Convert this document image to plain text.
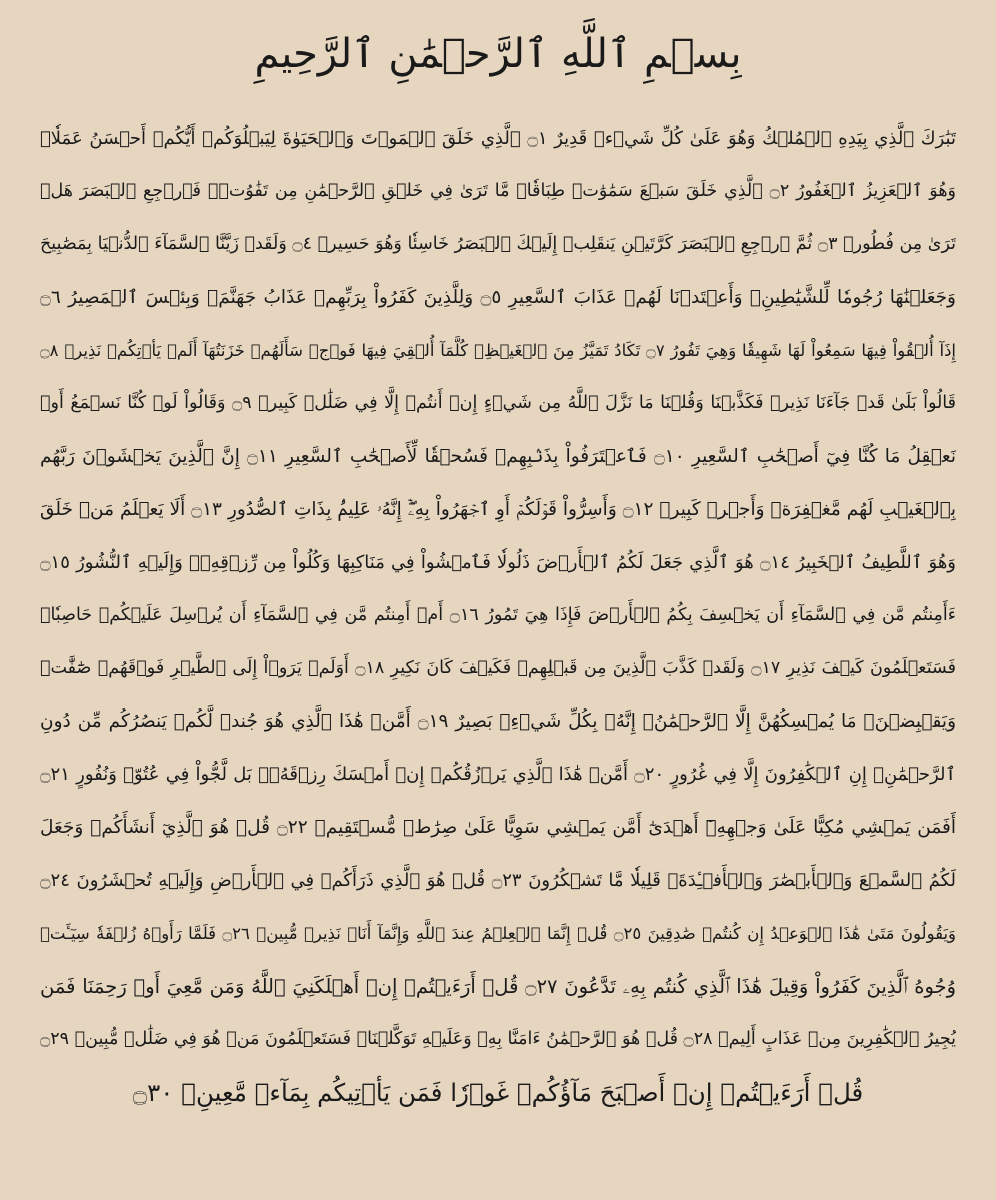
بِسۡمِ ٱللَّهِ ٱلرَّحۡمَٰنِ ٱلرَّحِيمِ
تَبَٰرَكَ ٱلَّذِي بِيَدِهِ ٱلۡمُلۡكُ وَهُوَ عَلَىٰ كُلِّ شَيۡءٖ قَدِيرٌ ۝١ ٱلَّذِي خَلَقَ ٱلۡمَوۡتَ وَٱلۡحَيَوٰةَ لِيَبۡلُوَكُمۡ أَيُّكُمۡ أَحۡسَنُ عَمَلٗاۚ
وَهُوَ ٱلۡعَزِيزُ ٱلۡغَفُورُ ۝٢ ٱلَّذِي خَلَقَ سَبۡعَ سَمَٰوَٰتٖ طِبَاقٗاۖ مَّا تَرَىٰ فِي خَلۡقِ ٱلرَّحۡمَٰنِ مِن تَفَٰوُتٖۖ فَٱرۡجِعِ ٱلۡبَصَرَ هَلۡ
تَرَىٰ مِن فُطُورٖ ۝٣ ثُمَّ ٱرۡجِعِ ٱلۡبَصَرَ كَرَّتَيۡنِ يَنقَلِبۡ إِلَيۡكَ ٱلۡبَصَرُ خَاسِئٗا وَهُوَ حَسِيرٞ ۝٤ وَلَقَدۡ زَيَّنَّا ٱلسَّمَآءَ ٱلدُّنۡيَا بِمَصَٰبِيحَ
وَجَعَلۡنَٰهَا رُجُومٗا لِّلشَّيَٰطِينِۖ وَأَعۡتَدۡنَا لَهُمۡ عَذَابَ ٱلسَّعِيرِ ۝٥ وَلِلَّذِينَ كَفَرُواْ بِرَبِّهِمۡ عَذَابُ جَهَنَّمَۖ وَبِئۡسَ ٱلۡمَصِيرُ ۝٦
إِذَآ أُلۡقُواْ فِيهَا سَمِعُواْ لَهَا شَهِيقٗا وَهِيَ تَفُورُ ۝٧ تَكَادُ تَمَيَّزُ مِنَ ٱلۡغَيۡظِۖ كُلَّمَآ أُلۡقِيَ فِيهَا فَوۡجٞ سَأَلَهُمۡ خَزَنَتُهَآ أَلَمۡ يَأۡتِكُمۡ نَذِيرٞ ۝٨
قَالُواْ بَلَىٰ قَدۡ جَآءَنَا نَذِيرٞ فَكَذَّبۡنَا وَقُلۡنَا مَا نَزَّلَ ٱللَّهُ مِن شَيۡءٍ إِنۡ أَنتُمۡ إِلَّا فِي ضَلَٰلٖ كَبِيرٖ ۝٩ وَقَالُواْ لَوۡ كُنَّا نَسۡمَعُ أَوۡ
نَعۡقِلُ مَا كُنَّا فِيٓ أَصۡحَٰبِ ٱلسَّعِيرِ ۝١٠ فَٱعۡتَرَفُواْ بِذَنۢبِهِمۡ فَسُحۡقٗا لِّأَصۡحَٰبِ ٱلسَّعِيرِ ۝١١ إِنَّ ٱلَّذِينَ يَخۡشَوۡنَ رَبَّهُم
بِٱلۡغَيۡبِ لَهُم مَّغۡفِرَةٞ وَأَجۡرٞ كَبِيرٞ ۝١٢ وَأَسِرُّواْ قَوۡلَكُمۡ أَوِ ٱجۡهَرُواْ بِهِۦٓۖ إِنَّهُۥ عَلِيمُۢ بِذَاتِ ٱلصُّدُورِ ۝١٣ أَلَا يَعۡلَمُ مَنۡ خَلَقَ
وَهُوَ ٱللَّطِيفُ ٱلۡخَبِيرُ ۝١٤ هُوَ ٱلَّذِي جَعَلَ لَكُمُ ٱلۡأَرۡضَ ذَلُولٗا فَٱمۡشُواْ فِي مَنَاكِبِهَا وَكُلُواْ مِن رِّزۡقِهِۦۖ وَإِلَيۡهِ ٱلنُّشُورُ ۝١٥
ءَأَمِنتُم مَّن فِي ٱلسَّمَآءِ أَن يَخۡسِفَ بِكُمُ ٱلۡأَرۡضَ فَإِذَا هِيَ تَمُورُ ۝١٦ أَمۡ أَمِنتُم مَّن فِي ٱلسَّمَآءِ أَن يُرۡسِلَ عَلَيۡكُمۡ حَاصِبٗاۖ
فَسَتَعۡلَمُونَ كَيۡفَ نَذِيرِ ۝١٧ وَلَقَدۡ كَذَّبَ ٱلَّذِينَ مِن قَبۡلِهِمۡ فَكَيۡفَ كَانَ نَكِيرِ ۝١٨ أَوَلَمۡ يَرَوۡاْ إِلَى ٱلطَّيۡرِ فَوۡقَهُمۡ صَٰٓفَّٰتٖ
وَيَقۡبِضۡنَۚ مَا يُمۡسِكُهُنَّ إِلَّا ٱلرَّحۡمَٰنُۚ إِنَّهُۥ بِكُلِّ شَيۡءِۭ بَصِيرٌ ۝١٩ أَمَّنۡ هَٰذَا ٱلَّذِي هُوَ جُندٞ لَّكُمۡ يَنصُرُكُم مِّن دُونِ
ٱلرَّحۡمَٰنِۚ إِنِ ٱلۡكَٰفِرُونَ إِلَّا فِي غُرُورٍ ۝٢٠ أَمَّنۡ هَٰذَا ٱلَّذِي يَرۡزُقُكُمۡ إِنۡ أَمۡسَكَ رِزۡقَهُۥۚ بَل لَّجُّواْ فِي عُتُوّٖ وَنُفُورٍ ۝٢١
أَفَمَن يَمۡشِي مُكِبًّا عَلَىٰ وَجۡهِهِۦٓ أَهۡدَىٰٓ أَمَّن يَمۡشِي سَوِيًّا عَلَىٰ صِرَٰطٖ مُّسۡتَقِيمٖ ۝٢٢ قُلۡ هُوَ ٱلَّذِيٓ أَنشَأَكُمۡ وَجَعَلَ
لَكُمُ ٱلسَّمۡعَ وَٱلۡأَبۡصَٰرَ وَٱلۡأَفۡـِٔدَةَۖ قَلِيلٗا مَّا تَشۡكُرُونَ ۝٢٣ قُلۡ هُوَ ٱلَّذِي ذَرَأَكُمۡ فِي ٱلۡأَرۡضِ وَإِلَيۡهِ تُحۡشَرُونَ ۝٢٤
وَيَقُولُونَ مَتَىٰ هَٰذَا ٱلۡوَعۡدُ إِن كُنتُمۡ صَٰدِقِينَ ۝٢٥ قُلۡ إِنَّمَا ٱلۡعِلۡمُ عِندَ ٱللَّهِ وَإِنَّمَآ أَنَا۠ نَذِيرٞ مُّبِينٞ ۝٢٦ فَلَمَّا رَأَوۡهُ زُلۡفَةٗ سِيٓـَٔتۡ
وُجُوهُ ٱلَّذِينَ كَفَرُواْ وَقِيلَ هَٰذَا ٱلَّذِي كُنتُم بِهِۦ تَدَّعُونَ ۝٢٧ قُلۡ أَرَءَيۡتُمۡ إِنۡ أَهۡلَكَنِيَ ٱللَّهُ وَمَن مَّعِيَ أَوۡ رَحِمَنَا فَمَن
يُجِيرُ ٱلۡكَٰفِرِينَ مِنۡ عَذَابٍ أَلِيمٖ ۝٢٨ قُلۡ هُوَ ٱلرَّحۡمَٰنُ ءَامَنَّا بِهِۦ وَعَلَيۡهِ تَوَكَّلۡنَاۖ فَسَتَعۡلَمُونَ مَنۡ هُوَ فِي ضَلَٰلٖ مُّبِينٖ ۝٢٩
قُلۡ أَرَءَيۡتُمۡ إِنۡ أَصۡبَحَ مَآؤُكُمۡ غَوۡرٗا فَمَن يَأۡتِيكُم بِمَآءٖ مَّعِينِۭ ۝٣٠
